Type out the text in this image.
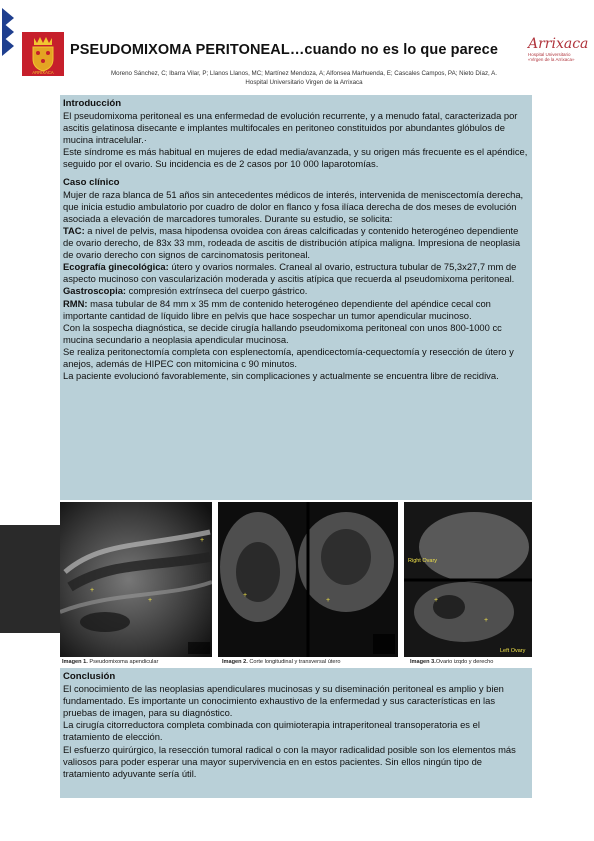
ARRIXACA
PSEUDOMIXOMA PERITONEAL…cuando no es lo que parece
Moreno Sánchez, C; Ibarra Vilar, P; Llanos Llanos, MC; Martínez Mendoza, A; Alfonsea Marhuenda, E; Cascales Campos, PA; Nieto Díaz, A.
Hospital Universitario Virgen de la Arrixaca
Arrixaca
Hospital Universitario
«Virgen de la Arrixaca»
Introducción

El pseudomixoma peritoneal es una enfermedad de evolución recurrente, y a menudo fatal, caracterizada por ascitis gelatinosa disecante e implantes multifocales en peritoneo constituidos por abundantes glóbulos de mucina intracelular.·

Este síndrome es más habitual en mujeres de edad media/avanzada, y su origen más frecuente es el apéndice, seguido por el ovario. Su incidencia es de 2 casos por 10 000 laparotomías.

Caso clínico

Mujer de raza blanca de 51 años sin antecedentes médicos de interés, intervenida de meniscectomía derecha, que inicia estudio ambulatorio por cuadro de dolor en flanco y fosa ilíaca derecha de dos meses de evolución asociada a elevación de marcadores tumorales. Durante su estudio, se solicita:

TAC: a nivel de pelvis, masa hipodensa ovoidea con áreas calcificadas y contenido heterogéneo dependiente de ovario derecho, de 83x 33 mm, rodeada de ascitis de distribución atípica maligna. Impresiona de neoplasia de ovario derecho con signos de carcinomatosis peritoneal.

Ecografía ginecológica: útero y ovarios normales. Craneal al ovario, estructura tubular de 75,3x27,7 mm de aspecto mucinoso con vascularización moderada y ascitis atípica que recuerda al pseudomixoma peritoneal.

Gastroscopia: compresión extrínseca del cuerpo gástrico.

RMN: masa tubular de 84 mm x 35 mm de contenido heterogéneo dependiente del apéndice cecal con importante cantidad de líquido libre en pelvis que hace sospechar un tumor apendicular mucinoso.

Con la sospecha diagnóstica, se decide cirugía hallando pseudomixoma peritoneal con unos 800-1000 cc mucina secundario a neoplasia apendicular mucinosa.

Se realiza peritonectomía completa con esplenectomía, apendicectomía-cequectomía y resección de útero y anejos, además de HIPEC con mitomicina c 90 minutos.

La paciente evolucionó favorablemente, sin complicaciones y actualmente se encuentra libre de recidiva.

+
+
+
+
+
Right Ovary
Left Ovary
+
+
Imagen 1. Pseudomixoma apendicular	Imagen 2. Corte longitudinal y transversal útero	Imagen 3.Ovario izqdo y derecho
Conclusión

El conocimiento de las neoplasias apendiculares mucinosas y su diseminación peritoneal es amplio y bien fundamentado. Es importante un conocimiento exhaustivo de la enfermedad y sus características en las pruebas de imagen, para su diagnóstico.

La cirugía citorreductora completa combinada con quimioterapia intraperitoneal transoperatoria es el tratamiento de elección.

El esfuerzo quirúrgico, la resección tumoral radical o con la mayor radicalidad posible son los elementos más valiosos para poder esperar una mayor supervivencia en en estos pacientes. Sin ellos ningún tipo de tratamiento adyuvante sería útil.
